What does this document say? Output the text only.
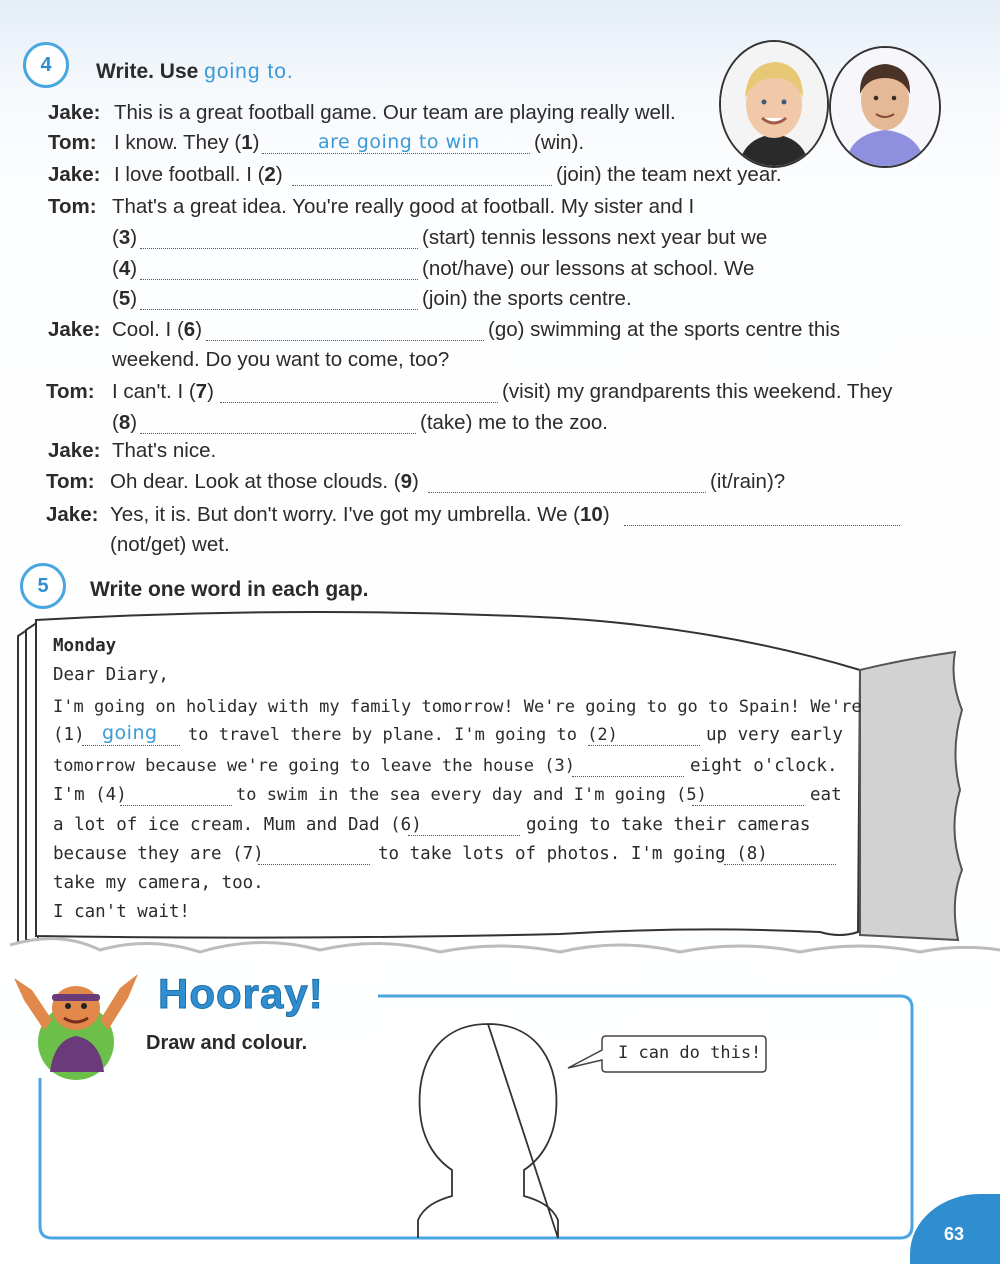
4	Write. Use going to.
Jake: This is a great football game. Our team are playing really well.
Tom: I know. They (1)	are going to win	(win).
Jake: I love football. I (2)	(join) the team next year.
Tom: That's a great idea. You're really good at football. My sister and I
(3)	(start) tennis lessons next year but we
(4)	(not/have) our lessons at school. We
(5)	(join) the sports centre.
Jake: Cool. I (6)	(go) swimming at the sports centre this
weekend. Do you want to come, too?
Tom: I can't. I (7)	(visit) my grandparents this weekend. They
(8)	(take) me to the zoo.
Jake: That's nice.
Tom: Oh dear. Look at those clouds. (9)	(it/rain)?
Jake: Yes, it is. But don't worry. I've got my umbrella. We (10)
(not/get) wet.
5	Write one word in each gap.
Monday
Dear Diary,
I'm going on holiday with my family tomorrow! We're going to go to Spain! We're
(1) going to travel there by plane. I'm going to (2)	up very early
tomorrow because we're going to leave the house (3)	eight o'clock.
I'm (4)	to swim in the sea every day and I'm going (5)	eat
a lot of ice cream. Mum and Dad (6)	going to take their cameras
because they are (7)	to take lots of photos. I'm going (8)
take my camera, too.
I can't wait!
Hooray!
Draw and colour.	I can do this!
63
